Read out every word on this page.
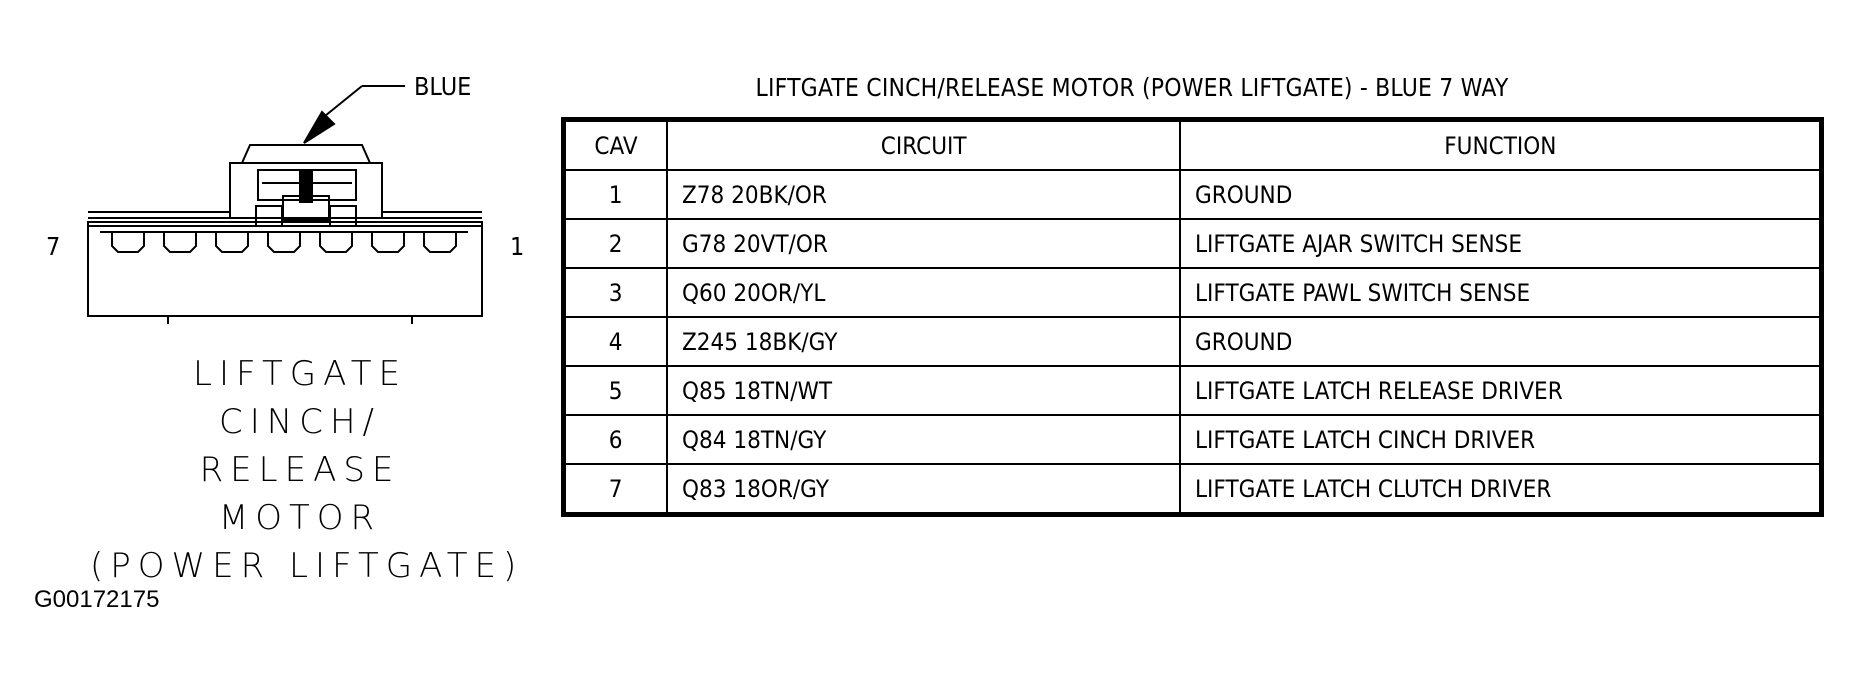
BLUE
7	1
LIFTGATE
CINCH/
RELEASE
MOTOR
(POWER LIFTGATE)
G00172175
LIFTGATE CINCH/RELEASE MOTOR (POWER LIFTGATE) - BLUE 7 WAY
CAV	CIRCUIT	FUNCTION
1	Z78 20BK/OR	GROUND
2	G78 20VT/OR	LIFTGATE AJAR SWITCH SENSE
3	Q60 20OR/YL	LIFTGATE PAWL SWITCH SENSE
4	Z245 18BK/GY	GROUND
5	Q85 18TN/WT	LIFTGATE LATCH RELEASE DRIVER
6	Q84 18TN/GY	LIFTGATE LATCH CINCH DRIVER
7	Q83 18OR/GY	LIFTGATE LATCH CLUTCH DRIVER
